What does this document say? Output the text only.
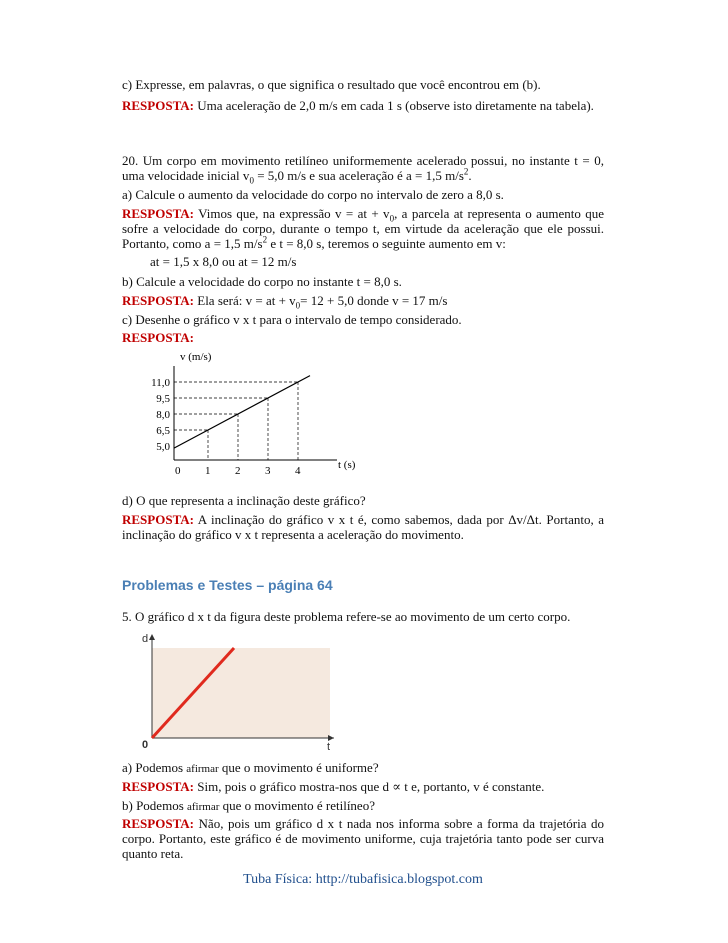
c) Expresse, em palavras, o que significa o resultado que você encontrou em (b).
RESPOSTA: Uma aceleração de 2,0 m/s em cada 1 s (observe isto diretamente na tabela).
20. Um corpo em movimento retilíneo uniformemente acelerado possui, no instante t = 0, uma velocidade inicial $v_0 = 5,0$ m/s e sua aceleração é a = 1,5 $m/s^2$.
a) Calcule o aumento da velocidade do corpo no intervalo de zero a 8,0 s.
RESPOSTA: Vimos que, na expressão v = at + $v_0$, a parcela at representa o aumento que sofre a velocidade do corpo, durante o tempo t, em virtude da aceleração que ele possui. Portanto, como a = 1,5 $m/s^2$ e t = 8,0 s, teremos o seguinte aumento em v:
at = 1,5 x 8,0 ou at = 12 m/s
b) Calcule a velocidade do corpo no instante t = 8,0 s.
RESPOSTA: Ela será: v = at + $v_0= 12 + 5,0$ donde v = 17 m/s
c) Desenhe o gráfico v x t para o intervalo de tempo considerado.
RESPOSTA:
v (m/s)
t (s)
0 1 2 3 4
5,0
6,5
8,0
9,5
11,0
d) O que representa a inclinação deste gráfico?
RESPOSTA: A inclinação do gráfico v x t é, como sabemos, dada por Δv/Δt. Portanto, a inclinação do gráfico v x t representa a aceleração do movimento.
Problemas e Testes – página 64
5. O gráfico d x t da figura deste problema refere-se ao movimento de um certo corpo.
d
t
0
a) Podemos afirmar que o movimento é uniforme?
RESPOSTA: Sim, pois o gráfico mostra-nos que d ∝ t e, portanto, v é constante.
b) Podemos afirmar que o movimento é retilíneo?
RESPOSTA: Não, pois um gráfico d x t nada nos informa sobre a forma da trajetória do corpo. Portanto, este gráfico é de movimento uniforme, cuja trajetória tanto pode ser curva quanto reta.
Tuba Física: http://tubafisica.blogspot.com
